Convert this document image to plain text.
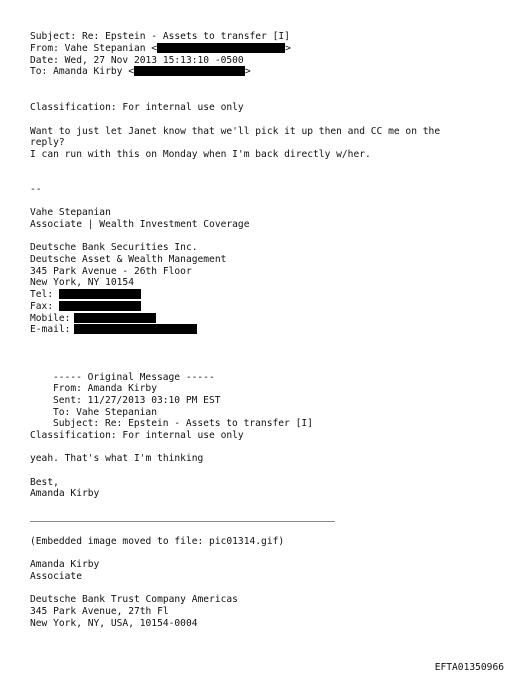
Subject: Re: Epstein - Assets to transfer [I]
From: Vahe Stepanian <	>
Date: Wed, 27 Nov 2013 15:13:10 -0500
To: Amanda Kirby <	>
Classification: For internal use only
Want to just let Janet know that we'll pick it up then and CC me on the
reply?
I can run with this on Monday when I'm back directly w/her.
--
Vahe Stepanian
Associate | Wealth Investment Coverage
Deutsche Bank Securities Inc.
Deutsche Asset & Wealth Management
345 Park Avenue - 26th Floor
New York, NY 10154
Tel:
Fax:
Mobile:
E-mail:
----- Original Message -----
From: Amanda Kirby
Sent: 11/27/2013 03:10 PM EST
To: Vahe Stepanian
Subject: Re: Epstein - Assets to transfer [I]
Classification: For internal use only
yeah. That's what I'm thinking
Best,
Amanda Kirby
(Embedded image moved to file: pic01314.gif)
Amanda Kirby
Associate
Deutsche Bank Trust Company Americas
345 Park Avenue, 27th Fl
New York, NY, USA, 10154-0004
EFTA01350966
